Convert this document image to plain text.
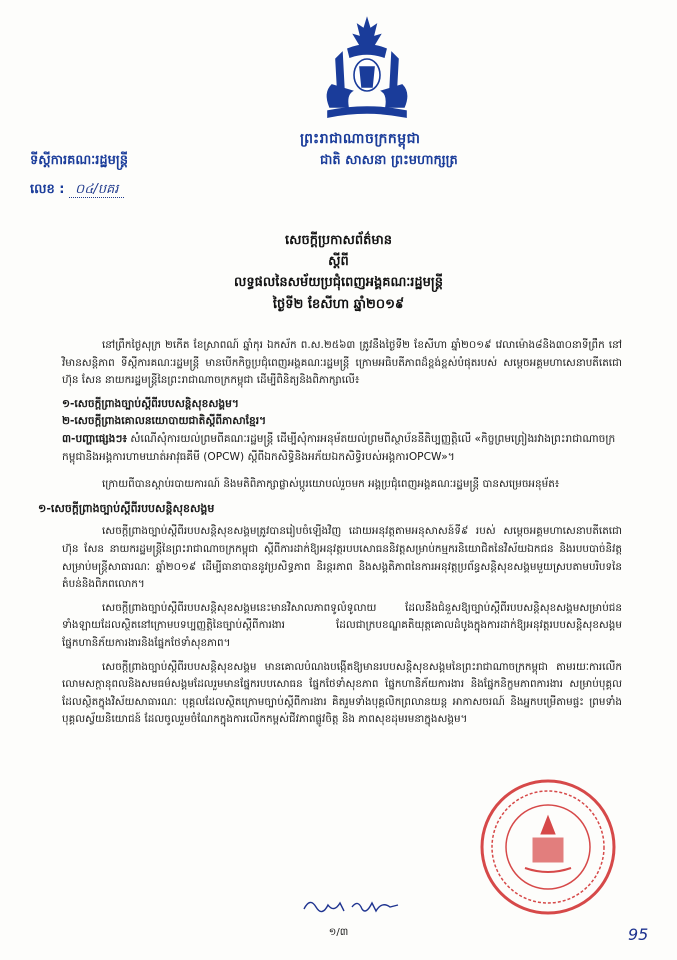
ព្រះរាជាណាចក្រកម្ពុជា
ទីស្តីការគណៈរដ្ឋមន្ត្រី	ជាតិ សាសនា ព្រះមហាក្សត្រ
លេខ : ០៤/បគរ
សេចក្តីប្រកាសព័ត៌មាន
ស្តីពី
លទ្ធផលនៃសម័យប្រជុំពេញអង្គគណៈរដ្ឋមន្ត្រី
ថ្ងៃទី២ ខែសីហា ឆ្នាំ២០១៩

នៅព្រឹកថ្ងៃសុក្រ ២កើត ខែស្រាពណ៍ ឆ្នាំកុរ ឯកស័ក ព.ស.២៥៦៣ ត្រូវនឹងថ្ងៃទី២ ខែសីហា ឆ្នាំ២០១៩ វេលាម៉ោង៨និង៣០នាទីព្រឹក នៅវិមានសន្តិភាព ទីស្តីការគណៈរដ្ឋមន្ត្រី មានបើកកិច្ចប្រជុំពេញអង្គគណៈរដ្ឋមន្ត្រី ក្រោមអធិបតីភាពដ៏ខ្ពង់ខ្ពស់បំផុតរបស់ សម្តេចអគ្គមហាសេនាបតីតេជោ ហ៊ុន សែន នាយករដ្ឋមន្ត្រីនៃព្រះរាជាណាចក្រកម្ពុជា ដើម្បីពិនិត្យនិងពិភាក្សាលើ៖

១-សេចក្តីព្រាងច្បាប់ស្តីពីរបបសន្តិសុខសង្គម។
២-សេចក្តីព្រាងគោលនយោបាយជាតិស្តីពីភាសាខ្មែរ។
៣-បញ្ហាផ្សេងៗ៖ សំណើសុំការយល់ព្រមពីគណៈរដ្ឋមន្ត្រី ដើម្បីសុំការអនុម័តយល់ព្រមពីស្ថាប័ននីតិប្បញ្ញត្តិលើ «កិច្ចព្រមព្រៀងរវាងព្រះរាជាណាចក្រកម្ពុជានិងអង្គការហាមឃាត់អាវុធគីមី (OPCW) ស្តីពីឯកសិទ្ធិនិងអភ័យឯកសិទ្ធិរបស់អង្គការOPCW»។

ក្រោយពីបានស្តាប់របាយការណ៍ និងមតិពិភាក្សាផ្លាស់ប្តូរយោបល់រួចមក អង្គប្រជុំពេញអង្គគណៈរដ្ឋមន្ត្រី បានសម្រេចអនុម័ត៖

១-សេចក្តីព្រាងច្បាប់ស្តីពីរបបសន្តិសុខសង្គម

សេចក្តីព្រាងច្បាប់ស្តីពីរបបសន្តិសុខសង្គមត្រូវបានរៀបចំឡើងវិញ ដោយអនុវត្តតាមអនុសាសន៍ទី៩ របស់ សម្តេចអគ្គមហាសេនាបតីតេជោ ហ៊ុន សែន នាយករដ្ឋមន្ត្រីនៃព្រះរាជាណាចក្រកម្ពុជា ស្តីពីការដាក់ឱ្យអនុវត្តរបបសោធននិវត្តសម្រាប់កម្មករនិយោជិតនៃវិស័យឯកជន និងរបបបាច់និវត្តសម្រាប់មន្ត្រីសាធារណៈ ឆ្នាំ២០១៩ ដើម្បីធានាបាននូវប្រសិទ្ធភាព និរន្តរភាព និងសង្គតិភាពនៃការអនុវត្តប្រព័ន្ធសន្តិសុខសង្គមមួយស្របតាមបរិបទនៃតំបន់និងពិភពលោក។

សេចក្តីព្រាងច្បាប់ស្តីពីរបបសន្តិសុខសង្គមនេះមានវិសាលភាពទូលំទូលាយ ដែលនឹងជំនួសឱ្យច្បាប់ស្តីពីរបបសន្តិសុខសង្គមសម្រាប់ជនទាំងឡាយដែលស្ថិតនៅក្រោមបទប្បញ្ញត្តិនៃច្បាប់ស្តីពីការងារ ដែលជាក្របខណ្ឌគតិយុត្តគោលដំបូងក្នុងការដាក់ឱ្យអនុវត្តរបបសន្តិសុខសង្គមផ្នែកហានិភ័យការងារនិងផ្នែកថែទាំសុខភាព។

សេចក្តីព្រាងច្បាប់ស្តីពីរបបសន្តិសុខសង្គម មានគោលបំណងបង្កើតឱ្យមានរបបសន្តិសុខសង្គមនៃព្រះរាជាណាចក្រកម្ពុជា តាមរយៈការលើកលោមសក្តានុពលនិងសមធម៌សង្គមដែលរួមមានផ្នែករបបសោធន ផ្នែកថែទាំសុខភាព ផ្នែកហានិភ័យការងារ និងផ្នែកនិក្ខមភាពការងារ សម្រាប់បុគ្គលដែលស្ថិតក្នុងវិស័យសាធារណៈ បុគ្គលដែលស្ថិតក្រោមច្បាប់ស្តីពីការងារ គិតរួមទាំងបុគ្គលិកព្រលានយន្ត អាកាសចរណ៍ និងអ្នកបម្រើតាមផ្ទះ ព្រមទាំងបុគ្គលស្វ័យនិយោជន៍ ដែលចូលរួមចំណែកក្នុងការលើកកម្ពស់ជីវភាពផ្លូវចិត្ត និង ភាពសុខដុមរមនាក្នុងសង្គម។

១/៣	95
